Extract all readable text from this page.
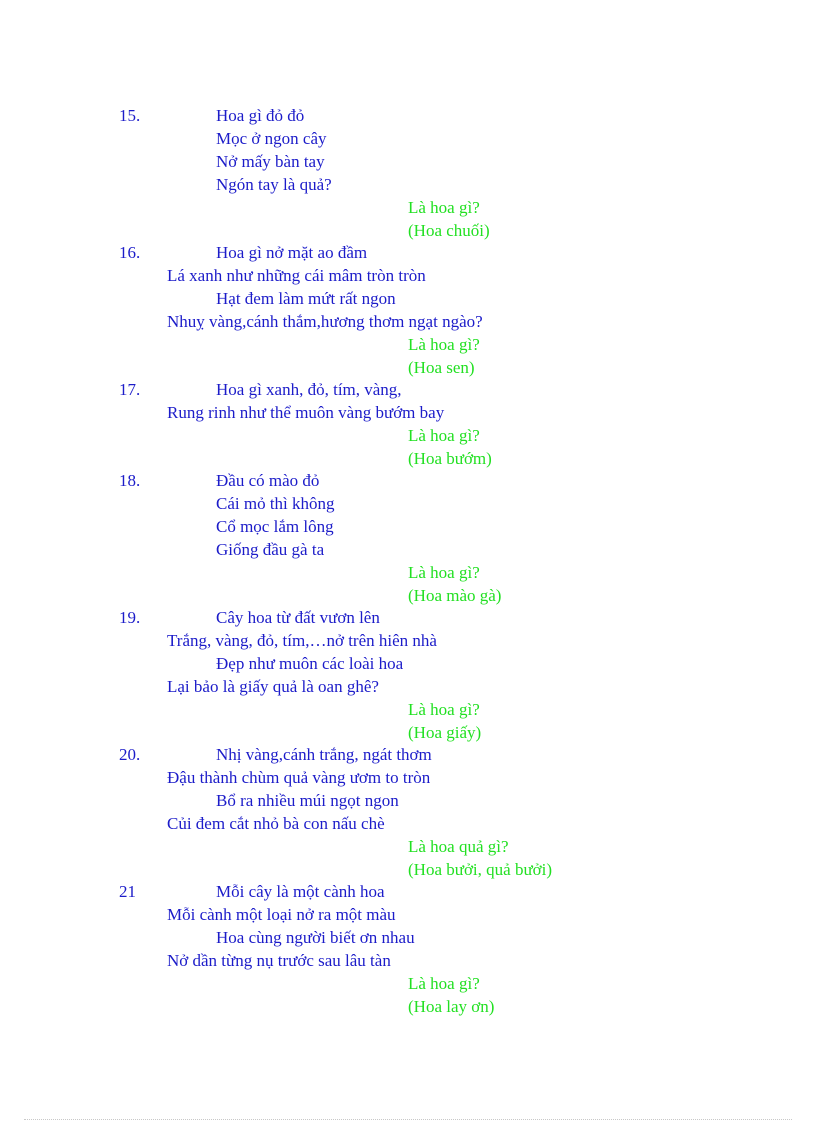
15.	Hoa gì đỏ đỏ
Mọc ở ngon cây
Nở mấy bàn tay
Ngón tay là quả?
Là hoa gì?
(Hoa chuối)
16.	Hoa gì nở mặt ao đầm
Lá xanh như những cái mâm tròn tròn
Hạt đem làm mứt rất ngon
Nhuỵ vàng,cánh thắm,hương thơm ngạt ngào?
Là hoa gì?
(Hoa sen)
17.	Hoa gì xanh, đỏ, tím, vàng,
Rung rinh như thể muôn vàng bướm bay
Là hoa gì?
(Hoa bướm)
18.	Đầu có mào đỏ
Cái mỏ thì không
Cổ mọc lắm lông
Giống đầu gà ta
Là hoa gì?
(Hoa mào gà)
19.	Cây hoa từ đất vươn lên
Trắng, vàng, đỏ, tím,…nở trên hiên nhà
Đẹp như muôn các loài hoa
Lại bảo là giấy quả là oan ghê?
Là hoa gì?
(Hoa giấy)
20.	Nhị vàng,cánh trắng, ngát thơm
Đậu thành chùm quả vàng ươm to tròn
Bổ ra nhiều múi ngọt ngon
Củi đem cắt nhỏ bà con nấu chè
Là hoa quả gì?
(Hoa bưởi, quả bưởi)
21	Mỗi cây là một cành hoa
Mỗi cành một loại nở ra một màu
Hoa cùng người biết ơn nhau
Nở dần từng nụ trước sau lâu tàn
Là hoa gì?
(Hoa lay ơn)
